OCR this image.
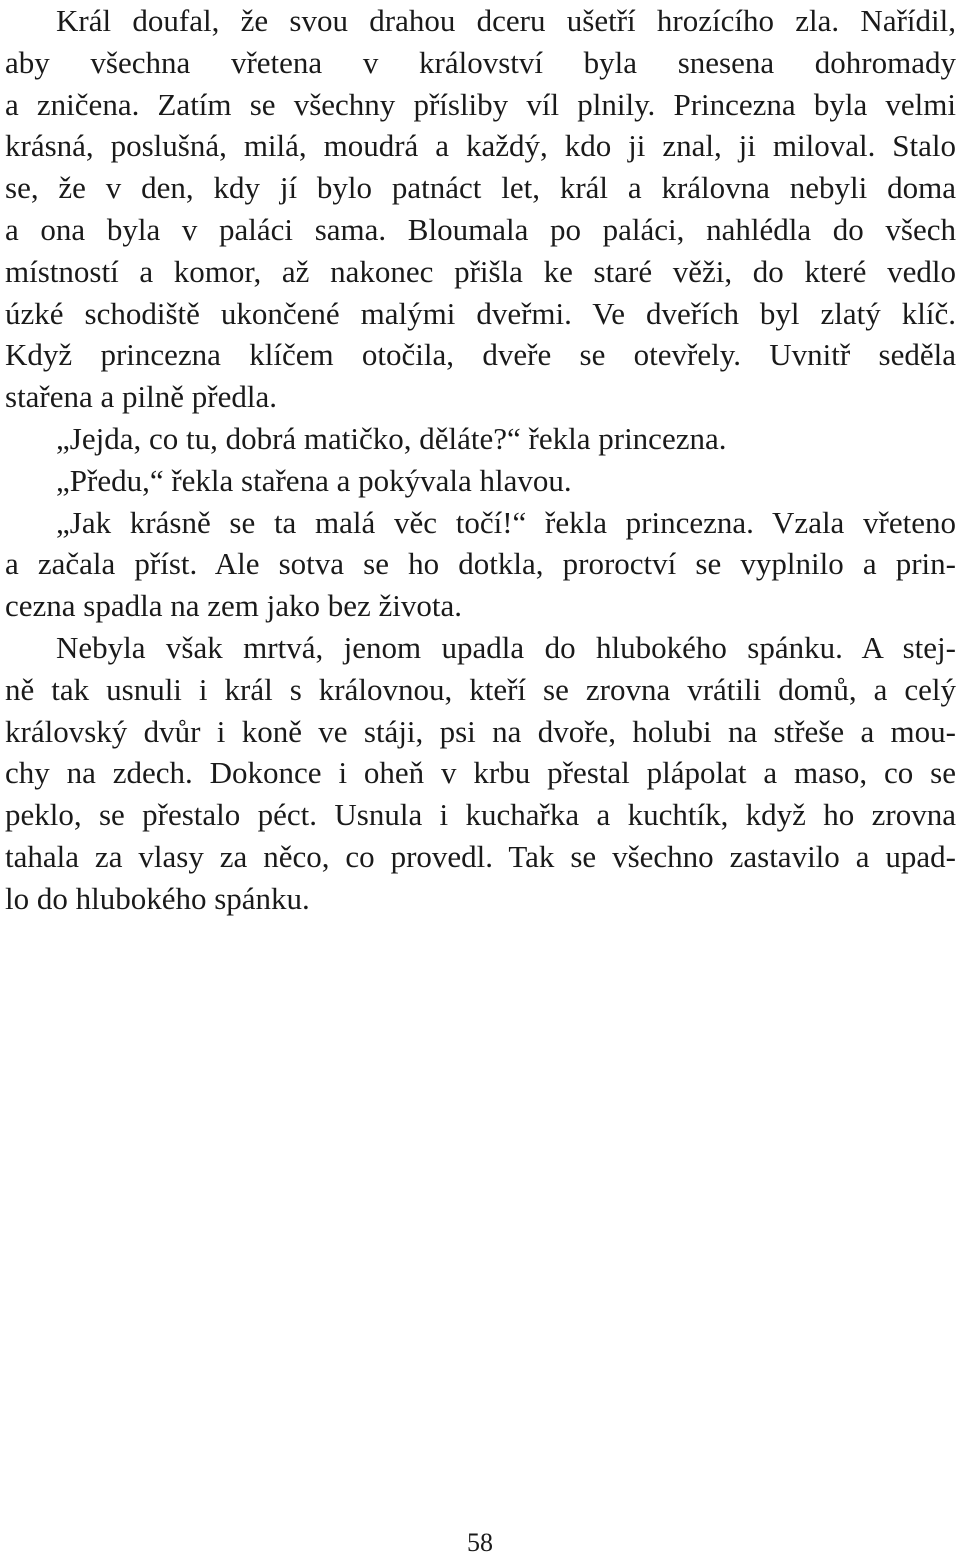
Král doufal, že svou drahou dceru ušetří hrozícího zla. Nařídil,
aby všechna vřetena v království byla snesena dohromady
a zničena. Zatím se všechny přísliby víl plnily. Princezna byla velmi
krásná, poslušná, milá, moudrá a každý, kdo ji znal, ji miloval. Stalo
se, že v den, kdy jí bylo patnáct let, král a královna nebyli doma
a ona byla v paláci sama. Bloumala po paláci, nahlédla do všech
místností a komor, až nakonec přišla ke staré věži, do které vedlo
úzké schodiště ukončené malými dveřmi. Ve dveřích byl zlatý klíč.
Když princezna klíčem otočila, dveře se otevřely. Uvnitř seděla
stařena a pilně předla.
„Jejda, co tu, dobrá matičko, děláte?“ řekla princezna.
„Předu,“ řekla stařena a pokývala hlavou.
„Jak krásně se ta malá věc točí!“ řekla princezna. Vzala vřeteno
a začala příst. Ale sotva se ho dotkla, proroctví se vyplnilo a prin-
cezna spadla na zem jako bez života.
Nebyla však mrtvá, jenom upadla do hlubokého spánku. A stej-
ně tak usnuli i král s královnou, kteří se zrovna vrátili domů, a celý
královský dvůr i koně ve stáji, psi na dvoře, holubi na střeše a mou-
chy na zdech. Dokonce i oheň v krbu přestal plápolat a maso, co se
peklo, se přestalo péct. Usnula i kuchařka a kuchtík, když ho zrovna
tahala za vlasy za něco, co provedl. Tak se všechno zastavilo a upad-
lo do hlubokého spánku.
58
